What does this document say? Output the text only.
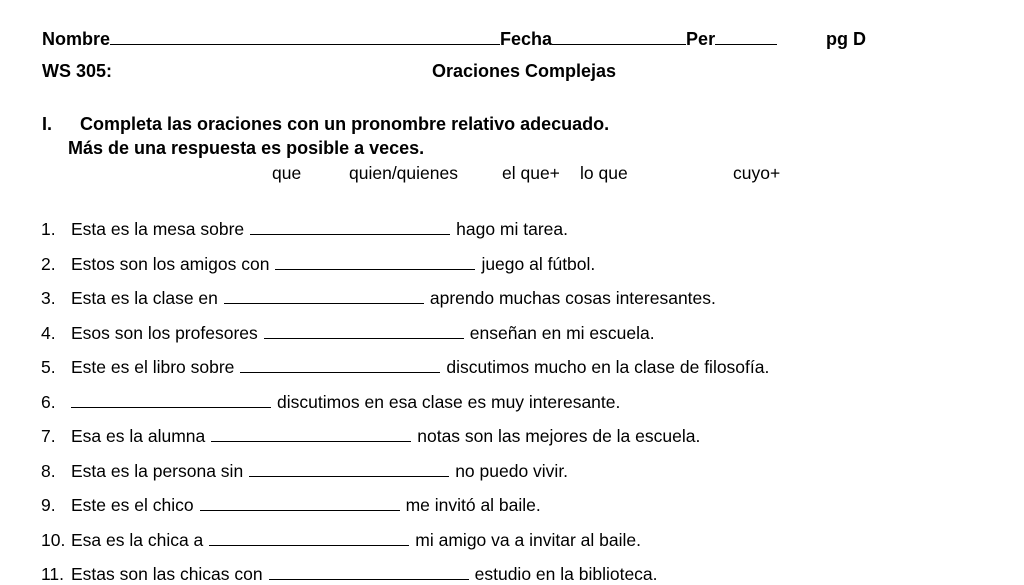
Nombre	Fecha	Per	pg D
WS 305:	Oraciones Complejas
I. Completa las oraciones con un pronombre relativo adecuado.
Más de una respuesta es posible a veces.
que	quien/quienes	el que+ lo que	cuyo+
1. Esta es la mesa sobre	hago mi tarea.
2. Estos son los amigos con	juego al fútbol.
3. Esta es la clase en	aprendo muchas cosas interesantes.
4. Esos son los profesores	enseñan en mi escuela.
5. Este es el libro sobre	discutimos mucho en la clase de filosofía.
6.	discutimos en esa clase es muy interesante.
7. Esa es la alumna	notas son las mejores de la escuela.
8. Esta es la persona sin	no puedo vivir.
9. Este es el chico	me invitó al baile.
10. Esa es la chica a	mi amigo va a invitar al baile.
11. Estas son las chicas con	estudio en la biblioteca.
